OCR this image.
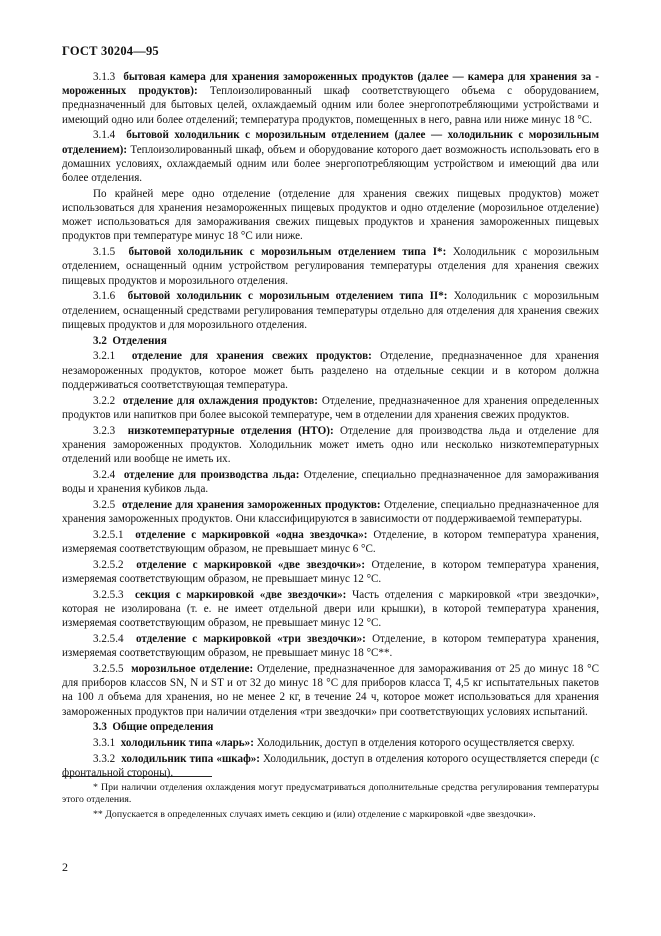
ГОСТ 30204—95
3.1.3 бытовая камера для хранения замороженных продуктов (далее — камера для хранения за - мороженных продуктов): Теплоизолированный шкаф соответствующего объема с оборудованием, предназначенный для бытовых целей, охлаждаемый одним или более энергопотребляющими устройствами и имеющий одно или более отделений; температура продуктов, помещенных в него, равна или ниже минус 18 °С.
3.1.4 бытовой холодильник с морозильным отделением (далее — холодильник с морозильным отделением): Теплоизолированный шкаф, объем и оборудование которого дает возможность использовать его в домашних условиях, охлаждаемый одним или более энергопотребляющим устройством и имеющий два или более отделения.
По крайней мере одно отделение (отделение для хранения свежих пищевых продуктов) может использоваться для хранения незамороженных пищевых продуктов и одно отделение (морозильное отделение) может использоваться для замораживания свежих пищевых продуктов и хранения замороженных пищевых продуктов при температуре минус 18 °С или ниже.
3.1.5 бытовой холодильник с морозильным отделением типа I*: Холодильник с морозильным отделением, оснащенный одним устройством регулирования температуры отделения для хранения свежих пищевых продуктов и морозильного отделения.
3.1.6 бытовой холодильник с морозильным отделением типа II*: Холодильник с морозильным отделением, оснащенный средствами регулирования температуры отдельно для отделения для хранения свежих пищевых продуктов и для морозильного отделения.
3.2 Отделения
3.2.1 отделение для хранения свежих продуктов: Отделение, предназначенное для хранения незамороженных продуктов, которое может быть разделено на отдельные секции и в котором должна поддерживаться соответствующая температура.
3.2.2 отделение для охлаждения продуктов: Отделение, предназначенное для хранения определенных продуктов или напитков при более высокой температуре, чем в отделении для хранения свежих продуктов.
3.2.3 низкотемпературные отделения (НТО): Отделение для производства льда и отделение для хранения замороженных продуктов. Холодильник может иметь одно или несколько низкотемпературных отделений или вообще не иметь их.
3.2.4 отделение для производства льда: Отделение, специально предназначенное для замораживания воды и хранения кубиков льда.
3.2.5 отделение для хранения замороженных продуктов: Отделение, специально предназначенное для хранения замороженных продуктов. Они классифицируются в зависимости от поддерживаемой температуры.
3.2.5.1 отделение с маркировкой «одна звездочка»: Отделение, в котором температура хранения, измеряемая соответствующим образом, не превышает минус 6 °С.
3.2.5.2 отделение с маркировкой «две звездочки»: Отделение, в котором температура хранения, измеряемая соответствующим образом, не превышает минус 12 °С.
3.2.5.3 секция с маркировкой «две звездочки»: Часть отделения с маркировкой «три звездочки», которая не изолирована (т. е. не имеет отдельной двери или крышки), в которой температура хранения, измеряемая соответствующим образом, не превышает минус 12 °С.
3.2.5.4 отделение с маркировкой «три звездочки»: Отделение, в котором температура хранения, измеряемая соответствующим образом, не превышает минус 18 °С**.
3.2.5.5 морозильное отделение: Отделение, предназначенное для замораживания от 25 до минус 18 °С для приборов классов SN, N и ST и от 32 до минус 18 °С для приборов класса Т, 4,5 кг испытательных пакетов на 100 л объема для хранения, но не менее 2 кг, в течение 24 ч, которое может использоваться для хранения замороженных продуктов при наличии отделения «три звездочки» при соответствующих условиях испытаний.
3.3 Общие определения
3.3.1 холодильник типа «ларь»: Холодильник, доступ в отделения которого осуществляется сверху.
3.3.2 холодильник типа «шкаф»: Холодильник, доступ в отделения которого осуществляется спереди (с фронтальной стороны).
* При наличии отделения охлаждения могут предусматриваться дополнительные средства регулирования температуры этого отделения.
** Допускается в определенных случаях иметь секцию и (или) отделение с маркировкой «две звездочки».
2
